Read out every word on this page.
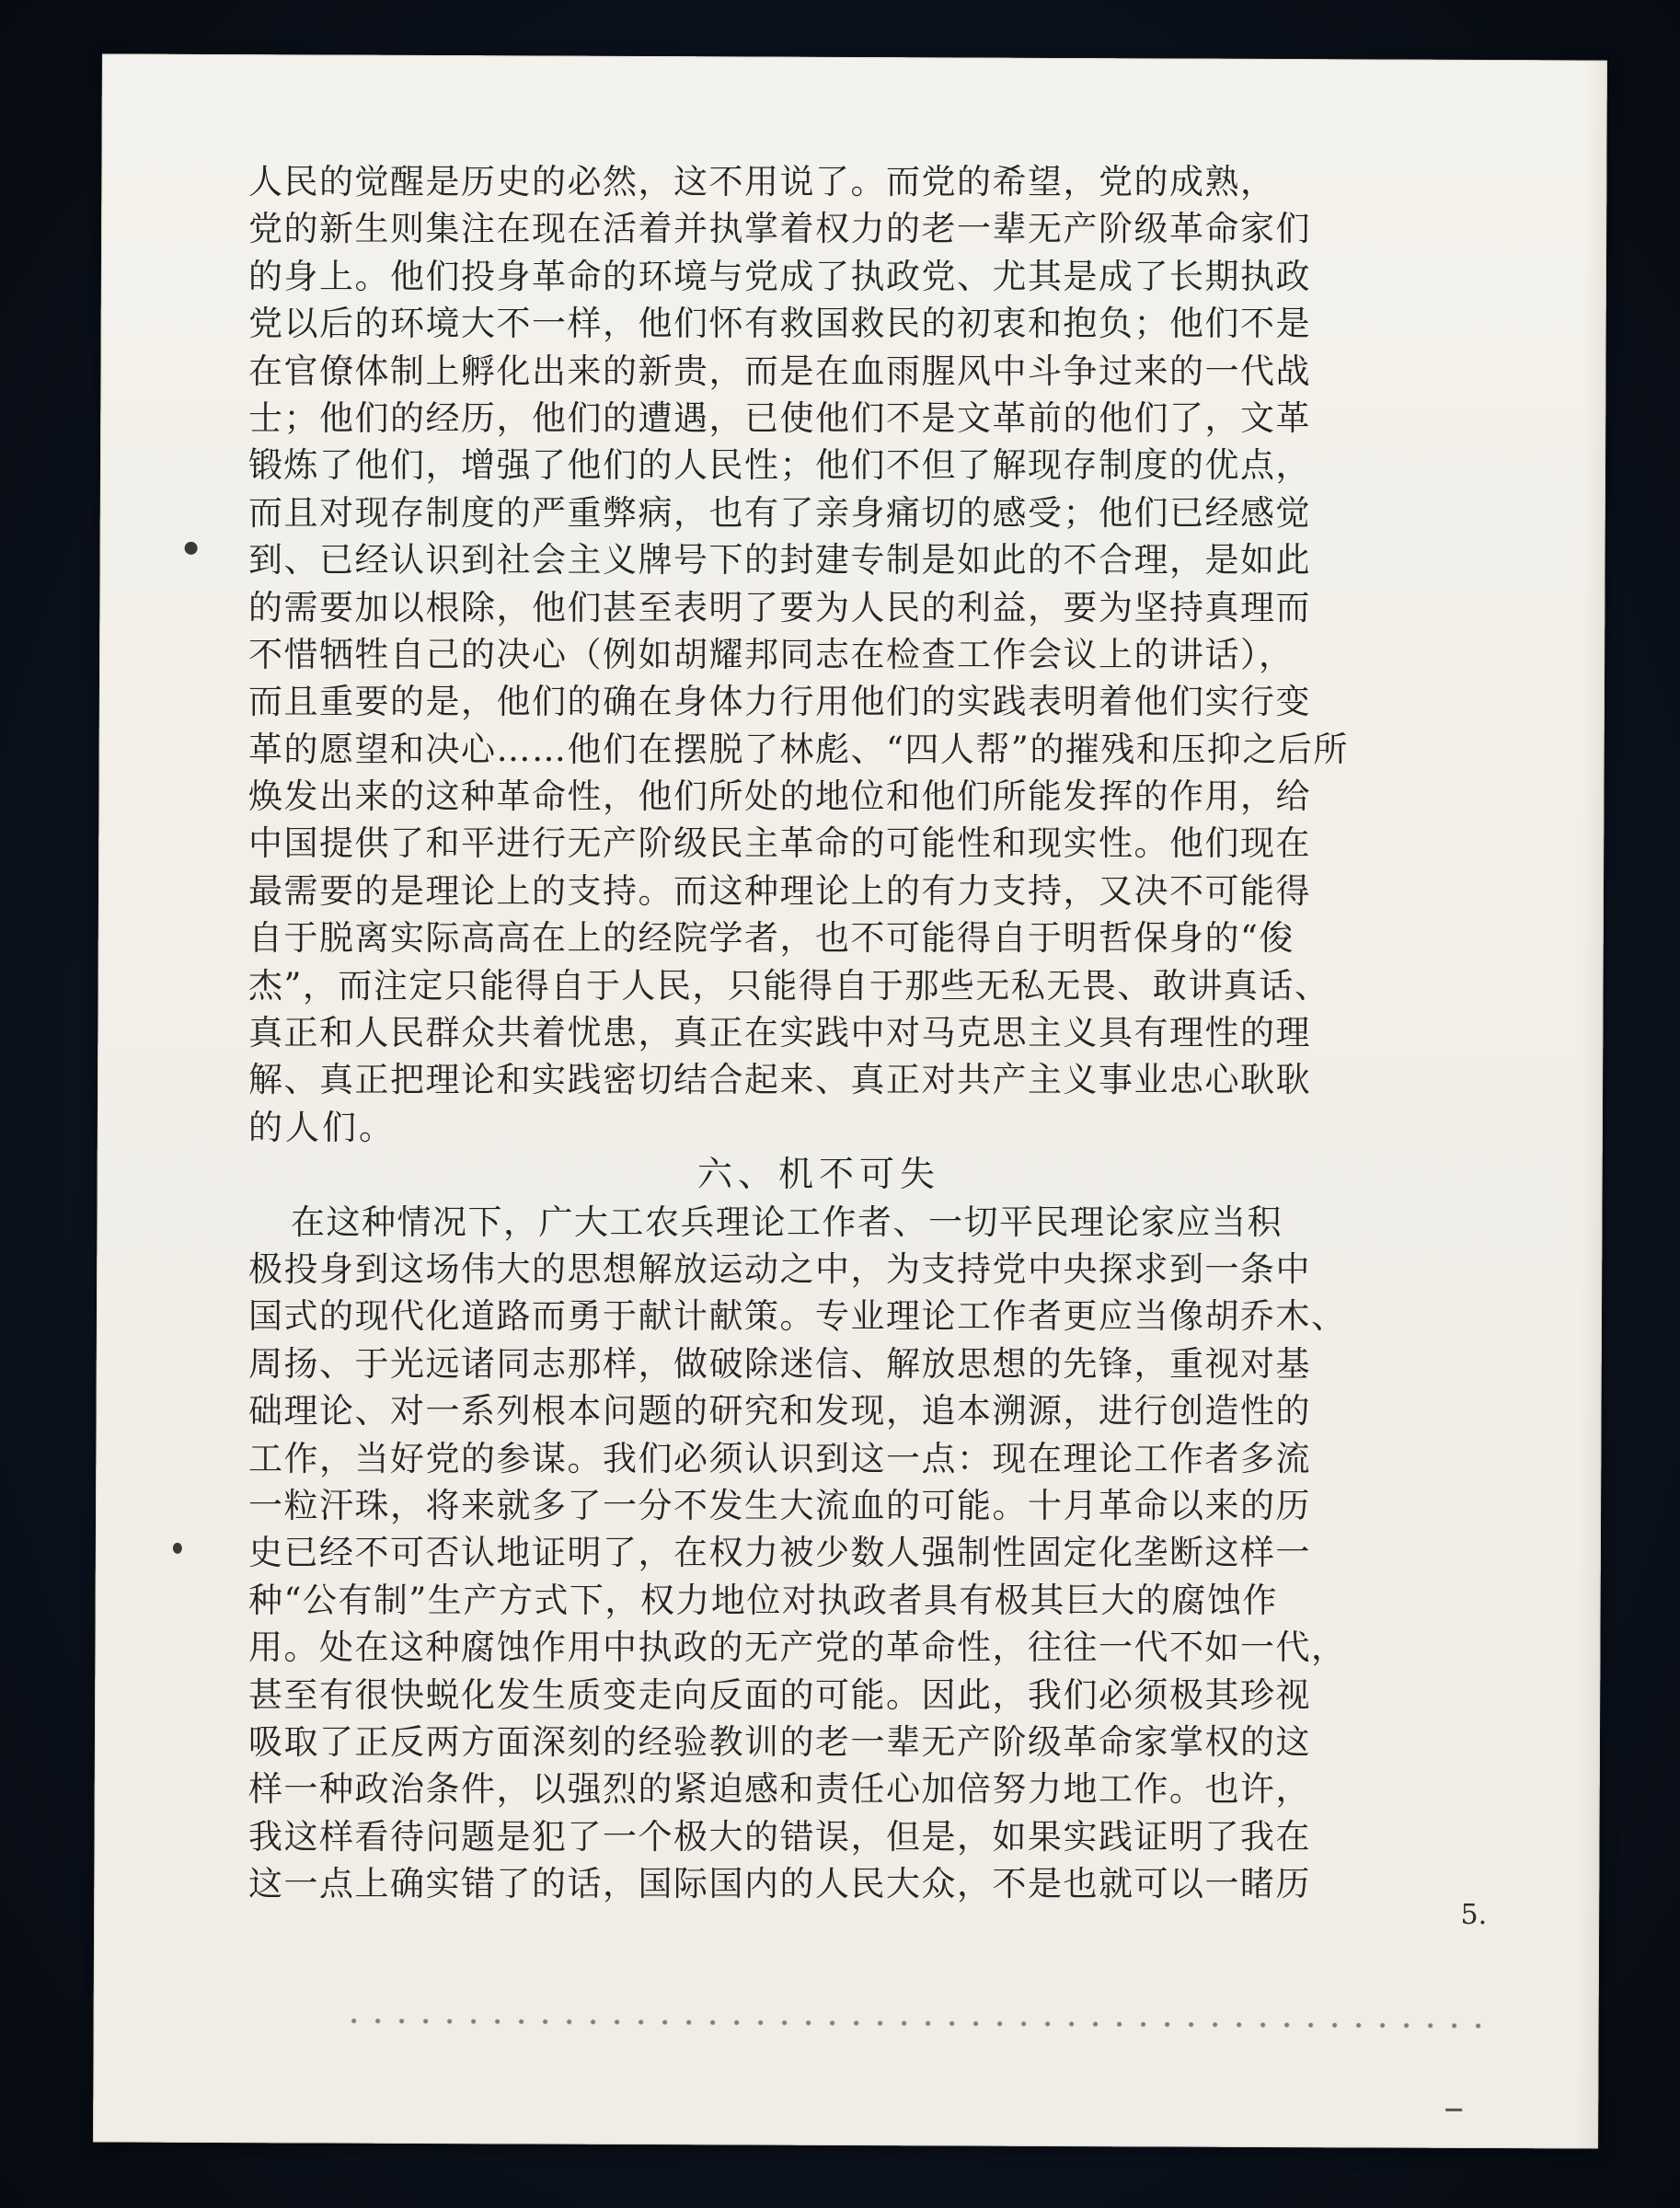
5.
人民的觉醒是历史的必然，这不用说了。而党的希望，党的成熟，
党的新生则集注在现在活着并执掌着权力的老一辈无产阶级革命家们
的身上。他们投身革命的环境与党成了执政党、尤其是成了长期执政
党以后的环境大不一样，他们怀有救国救民的初衷和抱负；他们不是
在官僚体制上孵化出来的新贵，而是在血雨腥风中斗争过来的一代战
士；他们的经历，他们的遭遇，已使他们不是文革前的他们了，文革
锻炼了他们，增强了他们的人民性；他们不但了解现存制度的优点，
而且对现存制度的严重弊病，也有了亲身痛切的感受；他们已经感觉
到、已经认识到社会主义牌号下的封建专制是如此的不合理，是如此
的需要加以根除，他们甚至表明了要为人民的利益，要为坚持真理而
不惜牺牲自己的决心（例如胡耀邦同志在检查工作会议上的讲话），
而且重要的是，他们的确在身体力行用他们的实践表明着他们实行变
革的愿望和决心……他们在摆脱了林彪、“四人帮”的摧残和压抑之后所
焕发出来的这种革命性，他们所处的地位和他们所能发挥的作用，给
中国提供了和平进行无产阶级民主革命的可能性和现实性。他们现在
最需要的是理论上的支持。而这种理论上的有力支持，又决不可能得
自于脱离实际高高在上的经院学者，也不可能得自于明哲保身的“俊
杰”，而注定只能得自于人民，只能得自于那些无私无畏、敢讲真话、
真正和人民群众共着忧患，真正在实践中对马克思主义具有理性的理
解、真正把理论和实践密切结合起来、真正对共产主义事业忠心耿耿
的人们。
六、机不可失
在这种情况下，广大工农兵理论工作者、一切平民理论家应当积
极投身到这场伟大的思想解放运动之中，为支持党中央探求到一条中
国式的现代化道路而勇于献计献策。专业理论工作者更应当像胡乔木、
周扬、于光远诸同志那样，做破除迷信、解放思想的先锋，重视对基
础理论、对一系列根本问题的研究和发现，追本溯源，进行创造性的
工作，当好党的参谋。我们必须认识到这一点：现在理论工作者多流
一粒汗珠，将来就多了一分不发生大流血的可能。十月革命以来的历
史已经不可否认地证明了，在权力被少数人强制性固定化垄断这样一
种“公有制”生产方式下，权力地位对执政者具有极其巨大的腐蚀作
用。处在这种腐蚀作用中执政的无产党的革命性，往往一代不如一代，
甚至有很快蜕化发生质变走向反面的可能。因此，我们必须极其珍视
吸取了正反两方面深刻的经验教训的老一辈无产阶级革命家掌权的这
样一种政治条件，以强烈的紧迫感和责任心加倍努力地工作。也许，
我这样看待问题是犯了一个极大的错误，但是，如果实践证明了我在
这一点上确实错了的话，国际国内的人民大众，不是也就可以一睹历
